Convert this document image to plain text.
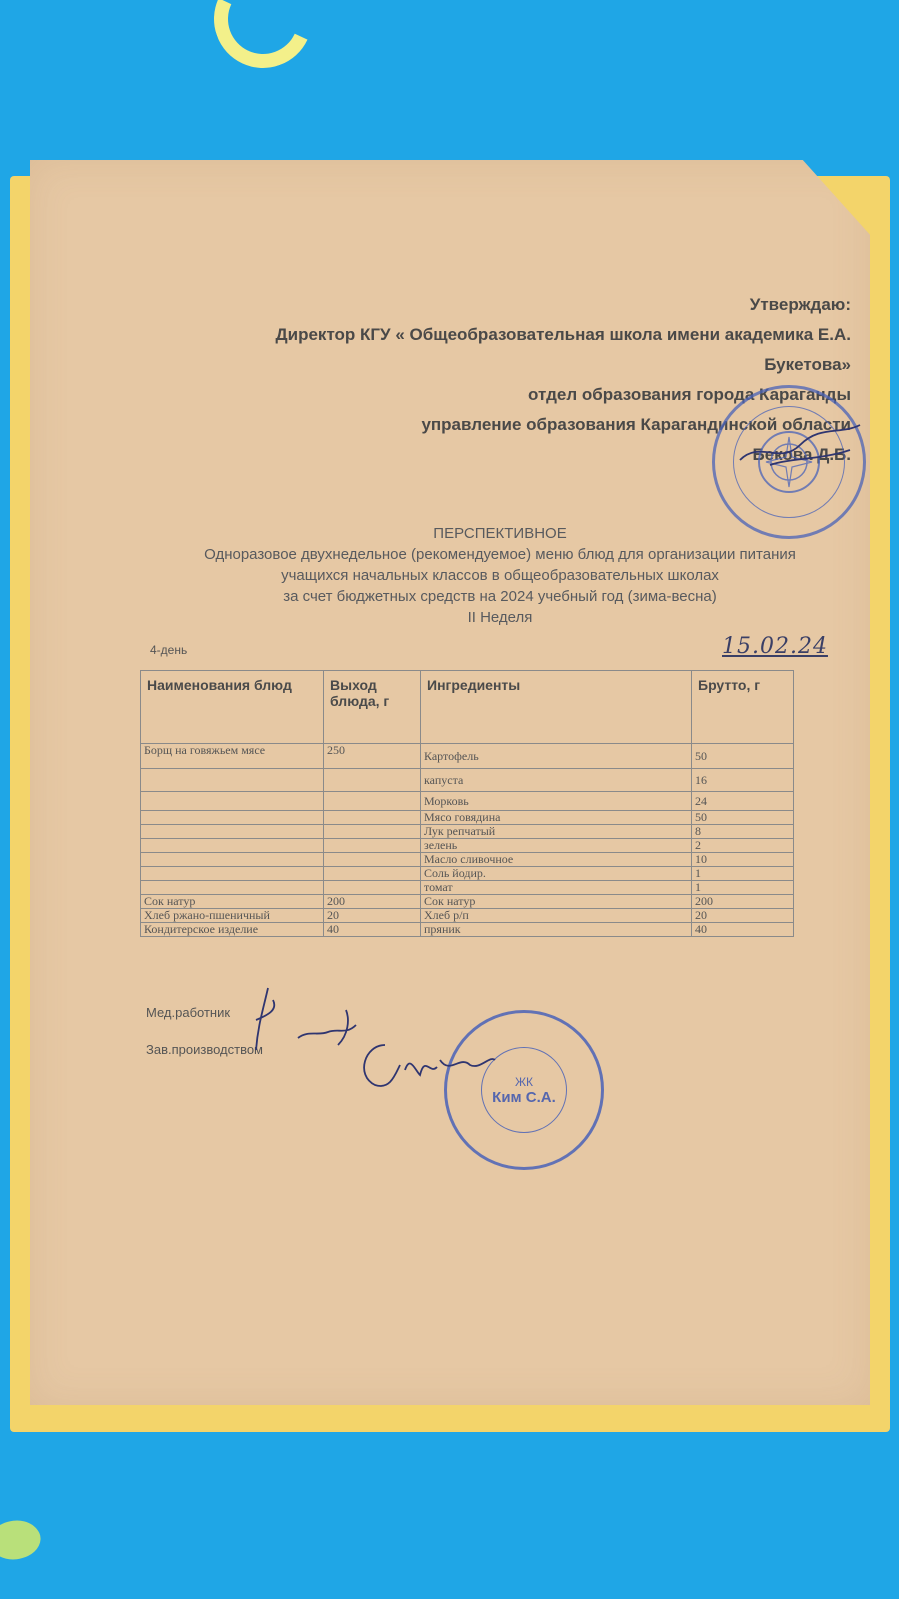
Утверждаю:
Директор КГУ « Общеобразовательная школа имени академика Е.А.
Букетова»
отдел образования города Караганды
управление образования Карагандинской области
Бекова Д.Б.
ПЕРСПЕКТИВНОЕ
Одноразовое двухнедельное (рекомендуемое) меню блюд для организации питания
учащихся начальных классов в общеобразовательных школах
за счет бюджетных средств на 2024 учебный год (зима-весна)
II Неделя
4-день	15.02.24
Наименования блюд	Выход блюда, г	Ингредиенты	Брутто, г
Борщ на говяжьем мясе	250	Картофель	50
		капуста	16
		Морковь	24
		Мясо говядина	50
		Лук репчатый	8
		зелень	2
		Масло сливочное	10
		Соль йодир.	1
		томат	1
Сок натур	200	Сок натур	200
Хлеб ржано-пшеничный	20	Хлеб р/п	20
Кондитерское изделие	40	пряник	40
Мед.работник
Зав.производством
ЖК
Ким С.А.
